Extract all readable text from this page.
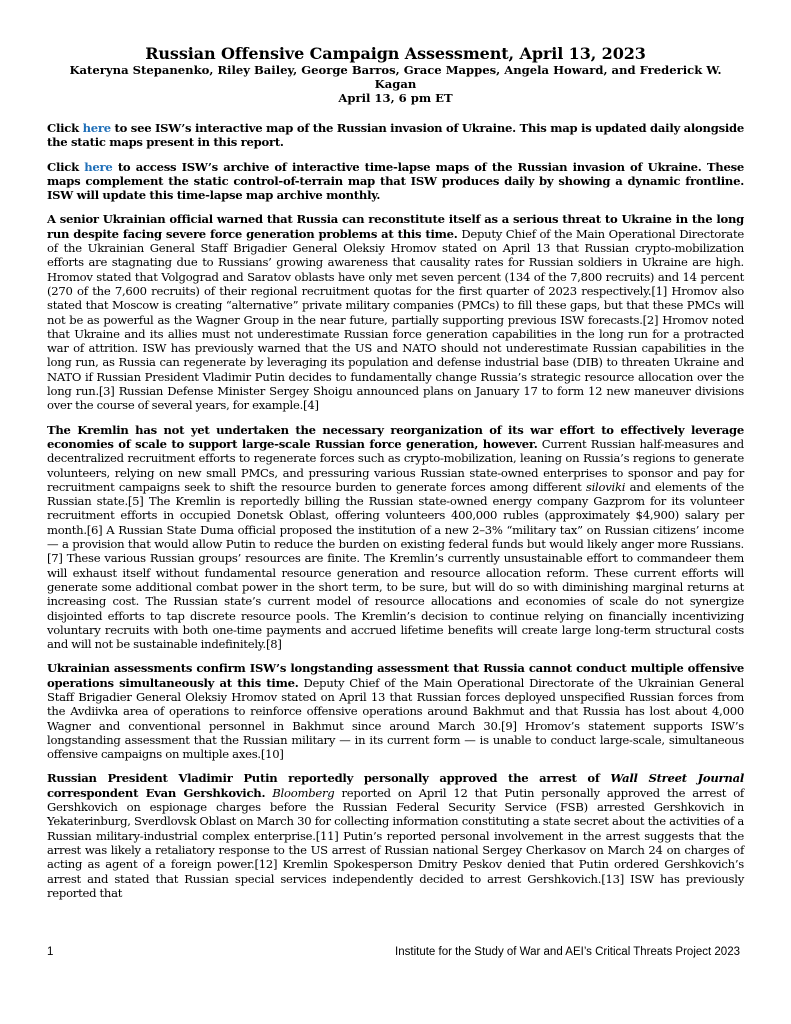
Russian Offensive Campaign Assessment, April 13, 2023
Kateryna Stepanenko, Riley Bailey, George Barros, Grace Mappes, Angela Howard, and Frederick W. Kagan
April 13, 6 pm ET

Click here to see ISW’s interactive map of the Russian invasion of Ukraine. This map is updated daily alongside the static maps present in this report.

Click here to access ISW’s archive of interactive time-lapse maps of the Russian invasion of Ukraine. These maps complement the static control-of-terrain map that ISW produces daily by showing a dynamic frontline. ISW will update this time-lapse map archive monthly.

A senior Ukrainian official warned that Russia can reconstitute itself as a serious threat to Ukraine in the long run despite facing severe force generation problems at this time. Deputy Chief of the Main Operational Directorate of the Ukrainian General Staff Brigadier General Oleksiy Hromov stated on April 13 that Russian crypto-mobilization efforts are stagnating due to Russians’ growing awareness that causality rates for Russian soldiers in Ukraine are high. Hromov stated that Volgograd and Saratov oblasts have only met seven percent (134 of the 7,800 recruits) and 14 percent (270 of the 7,600 recruits) of their regional recruitment quotas for the first quarter of 2023 respectively.[1] Hromov also stated that Moscow is creating “alternative” private military companies (PMCs) to fill these gaps, but that these PMCs will not be as powerful as the Wagner Group in the near future, partially supporting previous ISW forecasts.[2] Hromov noted that Ukraine and its allies must not underestimate Russian force generation capabilities in the long run for a protracted war of attrition. ISW has previously warned that the US and NATO should not underestimate Russian capabilities in the long run, as Russia can regenerate by leveraging its population and defense industrial base (DIB) to threaten Ukraine and NATO if Russian President Vladimir Putin decides to fundamentally change Russia’s strategic resource allocation over the long run.[3] Russian Defense Minister Sergey Shoigu announced plans on January 17 to form 12 new maneuver divisions over the course of several years, for example.[4]

The Kremlin has not yet undertaken the necessary reorganization of its war effort to effectively leverage economies of scale to support large-scale Russian force generation, however. Current Russian half-measures and decentralized recruitment efforts to regenerate forces such as crypto-mobilization, leaning on Russia’s regions to generate volunteers, relying on new small PMCs, and pressuring various Russian state-owned enterprises to sponsor and pay for recruitment campaigns seek to shift the resource burden to generate forces among different siloviki and elements of the Russian state.[5] The Kremlin is reportedly billing the Russian state-owned energy company Gazprom for its volunteer recruitment efforts in occupied Donetsk Oblast, offering volunteers 400,000 rubles (approximately $4,900) salary per month.[6] A Russian State Duma official proposed the institution of a new 2–3% “military tax” on Russian citizens’ income — a provision that would allow Putin to reduce the burden on existing federal funds but would likely anger more Russians.[7] These various Russian groups’ resources are finite. The Kremlin’s currently unsustainable effort to commandeer them will exhaust itself without fundamental resource generation and resource allocation reform. These current efforts will generate some additional combat power in the short term, to be sure, but will do so with diminishing marginal returns at increasing cost. The Russian state’s current model of resource allocations and economies of scale do not synergize disjointed efforts to tap discrete resource pools. The Kremlin’s decision to continue relying on financially incentivizing voluntary recruits with both one-time payments and accrued lifetime benefits will create large long-term structural costs and will not be sustainable indefinitely.[8]

Ukrainian assessments confirm ISW’s longstanding assessment that Russia cannot conduct multiple offensive operations simultaneously at this time. Deputy Chief of the Main Operational Directorate of the Ukrainian General Staff Brigadier General Oleksiy Hromov stated on April 13 that Russian forces deployed unspecified Russian forces from the Avdiivka area of operations to reinforce offensive operations around Bakhmut and that Russia has lost about 4,000 Wagner and conventional personnel in Bakhmut since around March 30.[9] Hromov’s statement supports ISW’s longstanding assessment that the Russian military — in its current form — is unable to conduct large-scale, simultaneous offensive campaigns on multiple axes.[10]

Russian President Vladimir Putin reportedly personally approved the arrest of Wall Street Journal correspondent Evan Gershkovich. Bloomberg reported on April 12 that Putin personally approved the arrest of Gershkovich on espionage charges before the Russian Federal Security Service (FSB) arrested Gershkovich in Yekaterinburg, Sverdlovsk Oblast on March 30 for collecting information constituting a state secret about the activities of a Russian military-industrial complex enterprise.[11] Putin’s reported personal involvement in the arrest suggests that the arrest was likely a retaliatory response to the US arrest of Russian national Sergey Cherkasov on March 24 on charges of acting as agent of a foreign power.[12] Kremlin Spokesperson Dmitry Peskov denied that Putin ordered Gershkovich’s arrest and stated that Russian special services independently decided to arrest Gershkovich.[13] ISW has previously reported that

1	Institute for the Study of War and AEI’s Critical Threats Project 2023
